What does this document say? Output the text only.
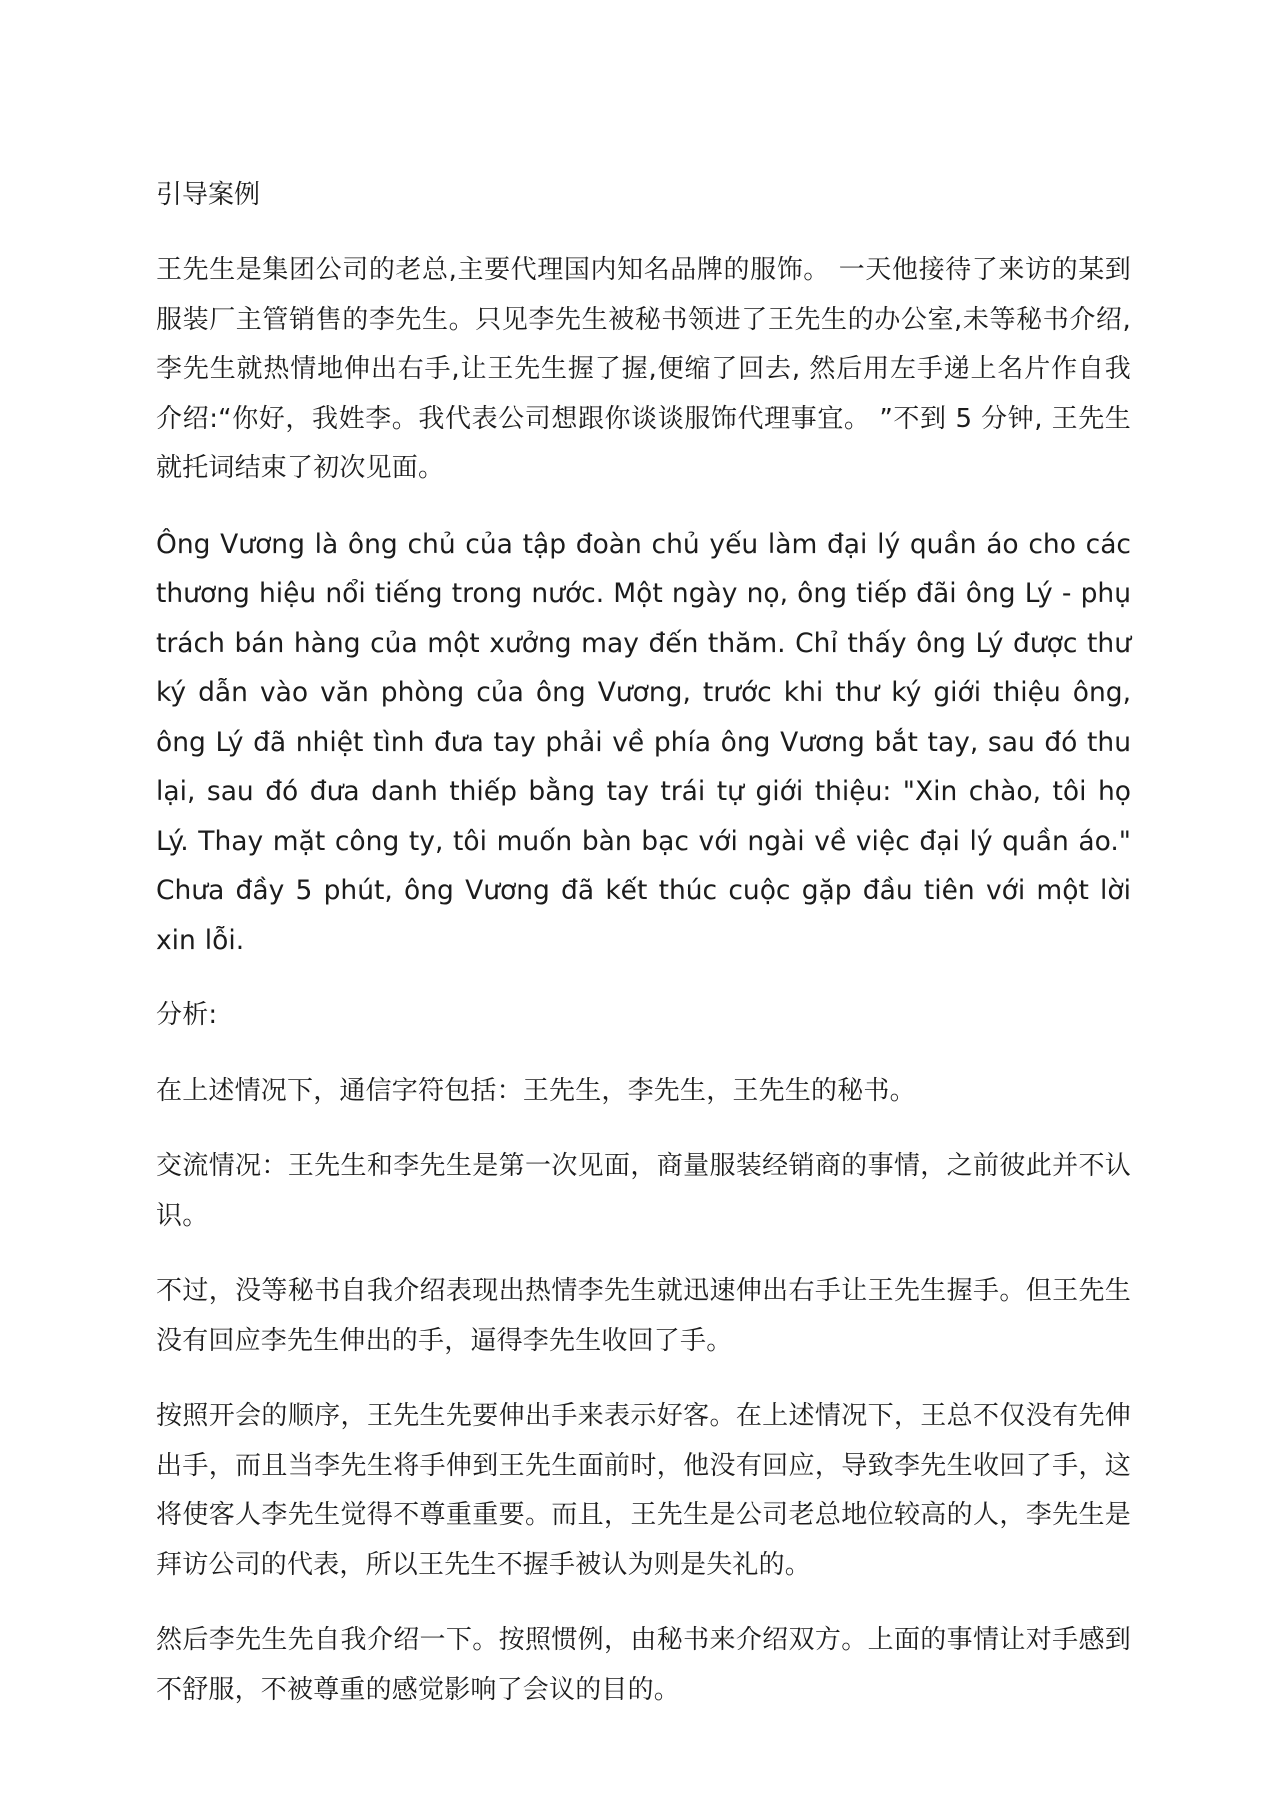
引导案例

王先生是集团公司的老总,主要代理国内知名品牌的服饰。 一天他接待了来访的某到服装厂主管销售的李先生。只见李先生被秘书领进了王先生的办公室,未等秘书介绍,李先生就热情地伸出右手,让王先生握了握,便缩了回去, 然后用左手递上名片作自我介绍:“你好，我姓李。我代表公司想跟你谈谈服饰代理事宜。 ”不到 5 分钟, 王先生就托词结束了初次见面。

Ông Vương là ông chủ của tập đoàn chủ yếu làm đại lý quần áo cho các thương hiệu nổi tiếng trong nước. Một ngày nọ, ông tiếp đãi ông Lý - phụ trách bán hàng của một xưởng may đến thăm. Chỉ thấy ông Lý được thư ký dẫn vào văn phòng của ông Vương, trước khi thư ký giới thiệu ông, ông Lý đã nhiệt tình đưa tay phải về phía ông Vương bắt tay, sau đó thu lại, sau đó đưa danh thiếp bằng tay trái tự giới thiệu: "Xin chào, tôi họ Lý. Thay mặt công ty, tôi muốn bàn bạc với ngài về việc đại lý quần áo." Chưa đầy 5 phút, ông Vương đã kết thúc cuộc gặp đầu tiên với một lời xin lỗi.

分析:

在上述情况下，通信字符包括：王先生，李先生，王先生的秘书。

交流情况：王先生和李先生是第一次见面，商量服装经销商的事情，之前彼此并不认识。

不过，没等秘书自我介绍表现出热情李先生就迅速伸出右手让王先生握手。但王先生没有回应李先生伸出的手，逼得李先生收回了手。

按照开会的顺序，王先生先要伸出手来表示好客。在上述情况下，王总不仅没有先伸出手，而且当李先生将手伸到王先生面前时，他没有回应，导致李先生收回了手，这将使客人李先生觉得不尊重重要。而且，王先生是公司老总地位较高的人，李先生是拜访公司的代表，所以王先生不握手被认为则是失礼的。

然后李先生先自我介绍一下。按照惯例，由秘书来介绍双方。上面的事情让对手感到不舒服，不被尊重的感觉影响了会议的目的。
